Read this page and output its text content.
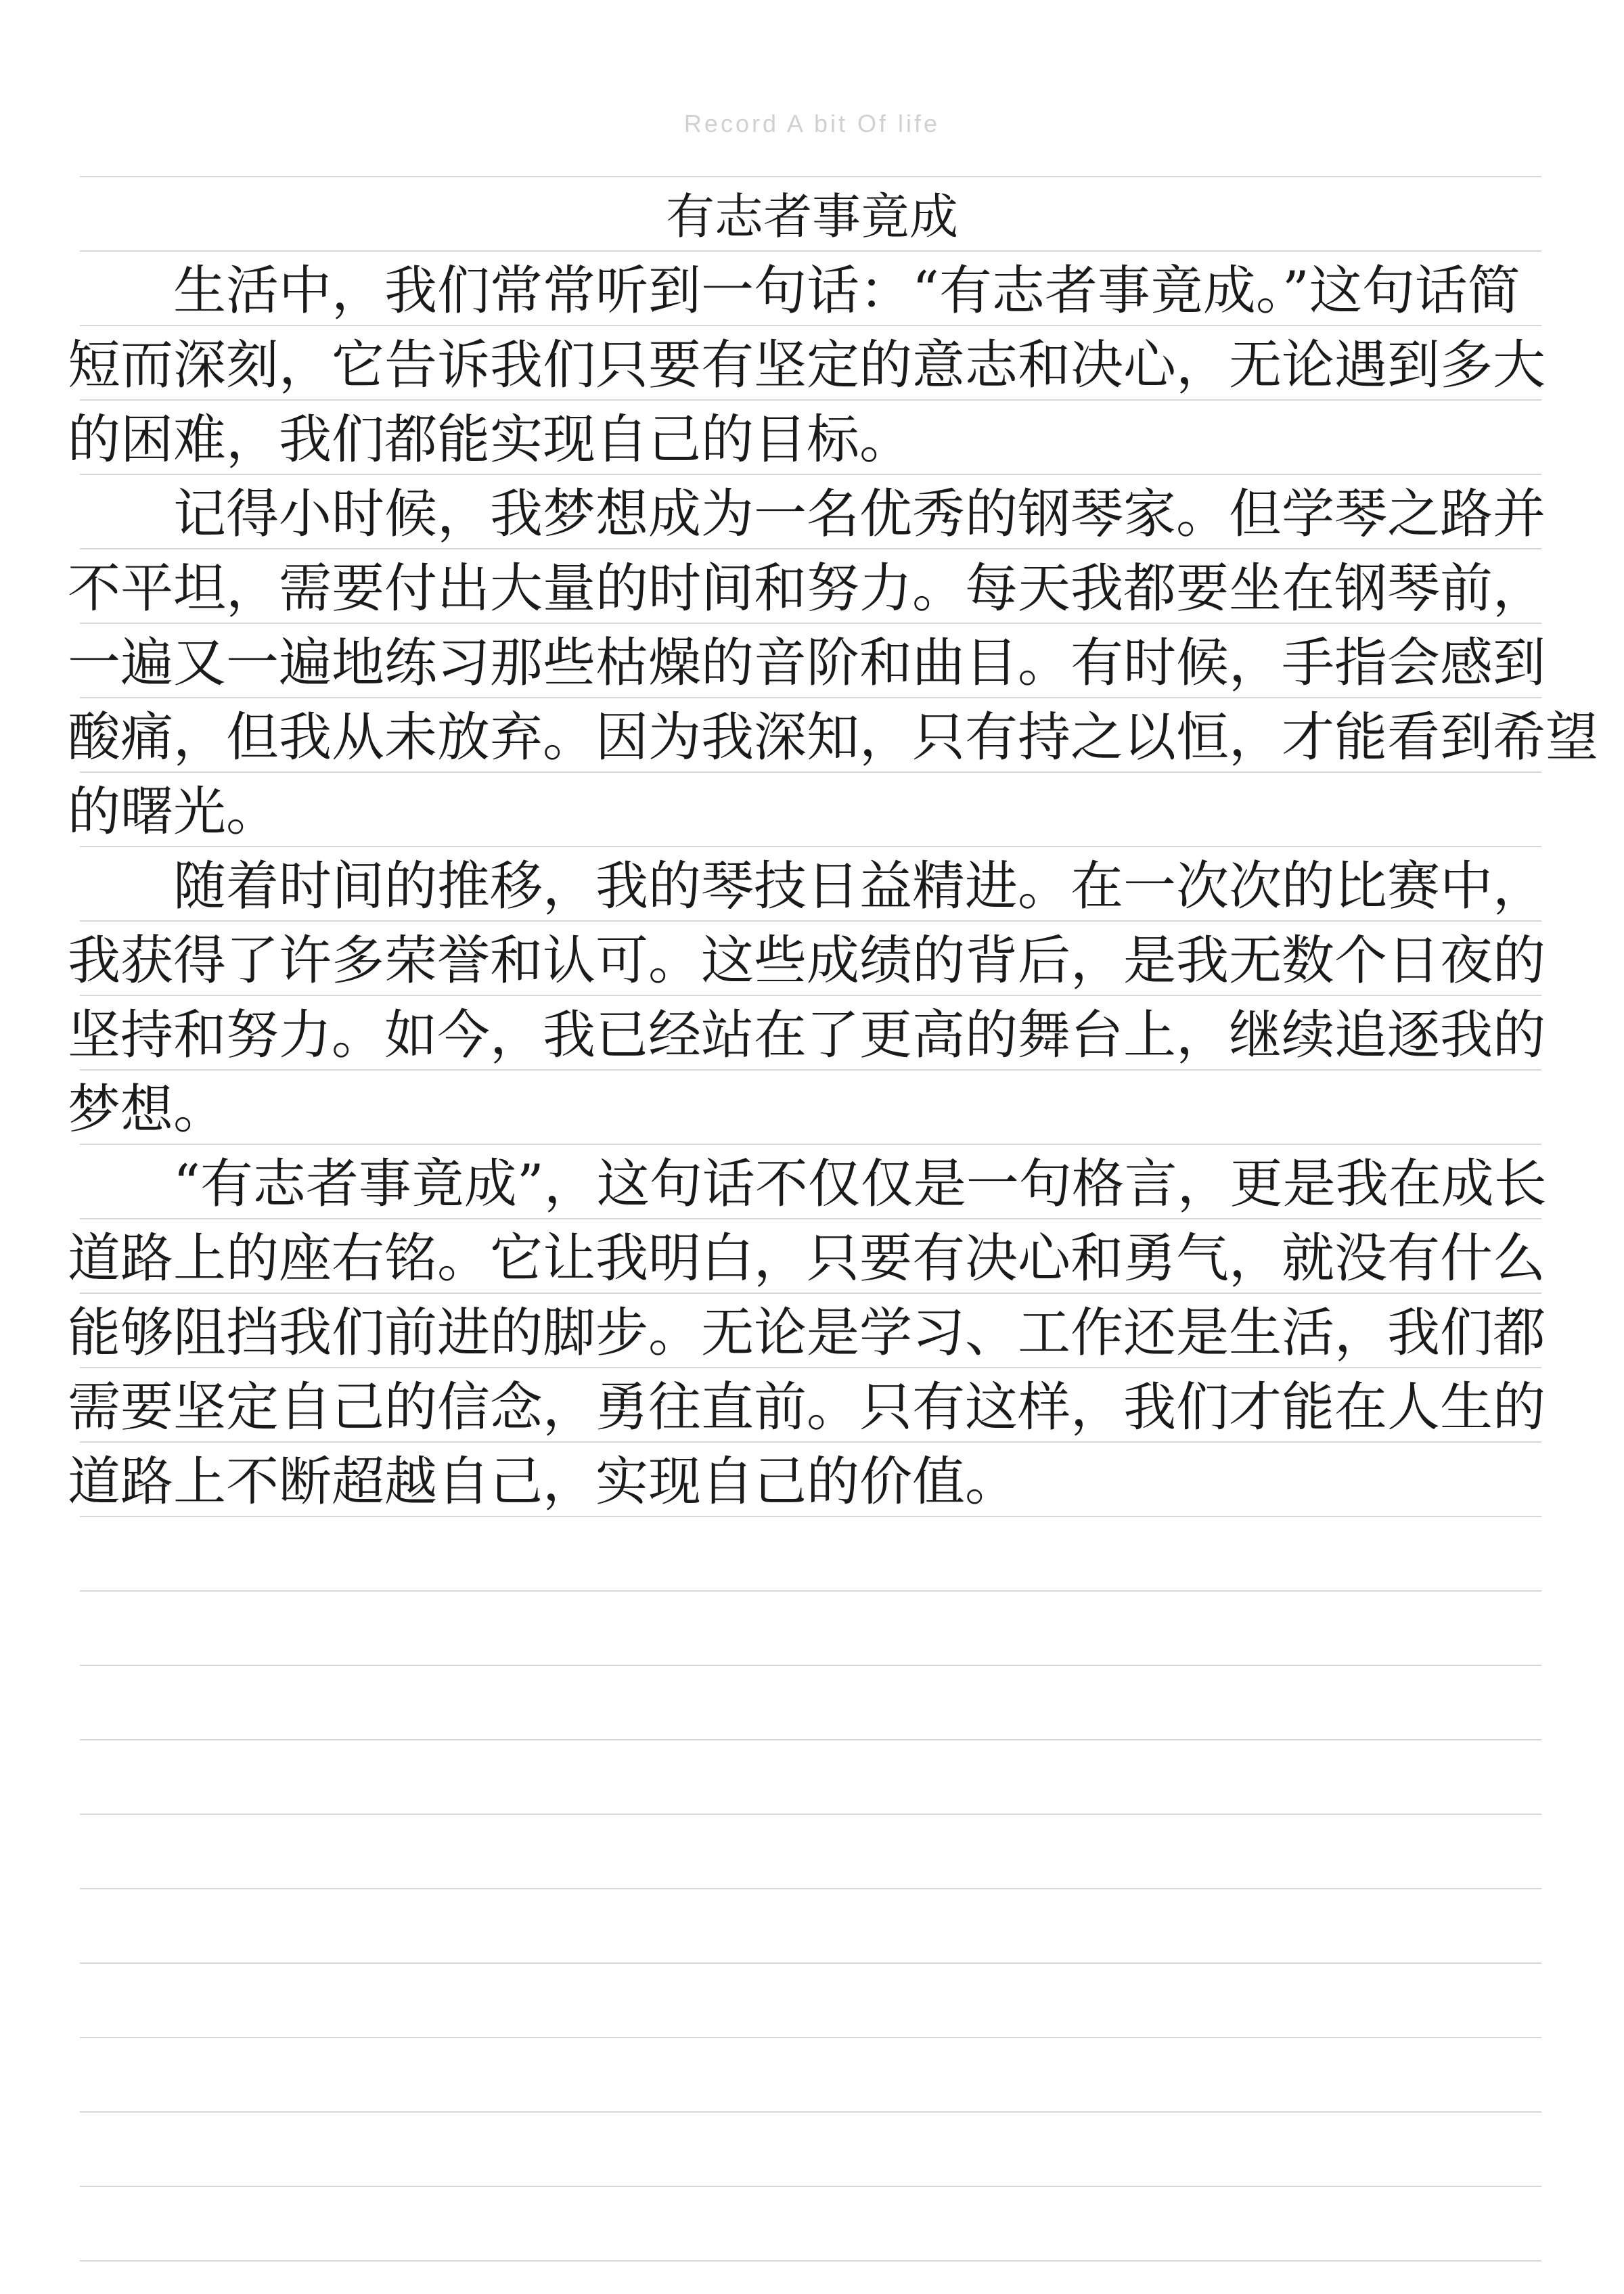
Record A bit Of life
有志者事竟成
　　生活中，我们常常听到一句话：“有志者事竟成。”这句话简
短而深刻，它告诉我们只要有坚定的意志和决心，无论遇到多大
的困难，我们都能实现自己的目标。
　　记得小时候，我梦想成为一名优秀的钢琴家。但学琴之路并
不平坦，需要付出大量的时间和努力。每天我都要坐在钢琴前，
一遍又一遍地练习那些枯燥的音阶和曲目。有时候，手指会感到
酸痛，但我从未放弃。因为我深知，只有持之以恒，才能看到希望
的曙光。
　　随着时间的推移，我的琴技日益精进。在一次次的比赛中，
我获得了许多荣誉和认可。这些成绩的背后，是我无数个日夜的
坚持和努力。如今，我已经站在了更高的舞台上，继续追逐我的
梦想。
　　“有志者事竟成”，这句话不仅仅是一句格言，更是我在成长
道路上的座右铭。它让我明白，只要有决心和勇气，就没有什么
能够阻挡我们前进的脚步。无论是学习、工作还是生活，我们都
需要坚定自己的信念，勇往直前。只有这样，我们才能在人生的
道路上不断超越自己，实现自己的价值。
